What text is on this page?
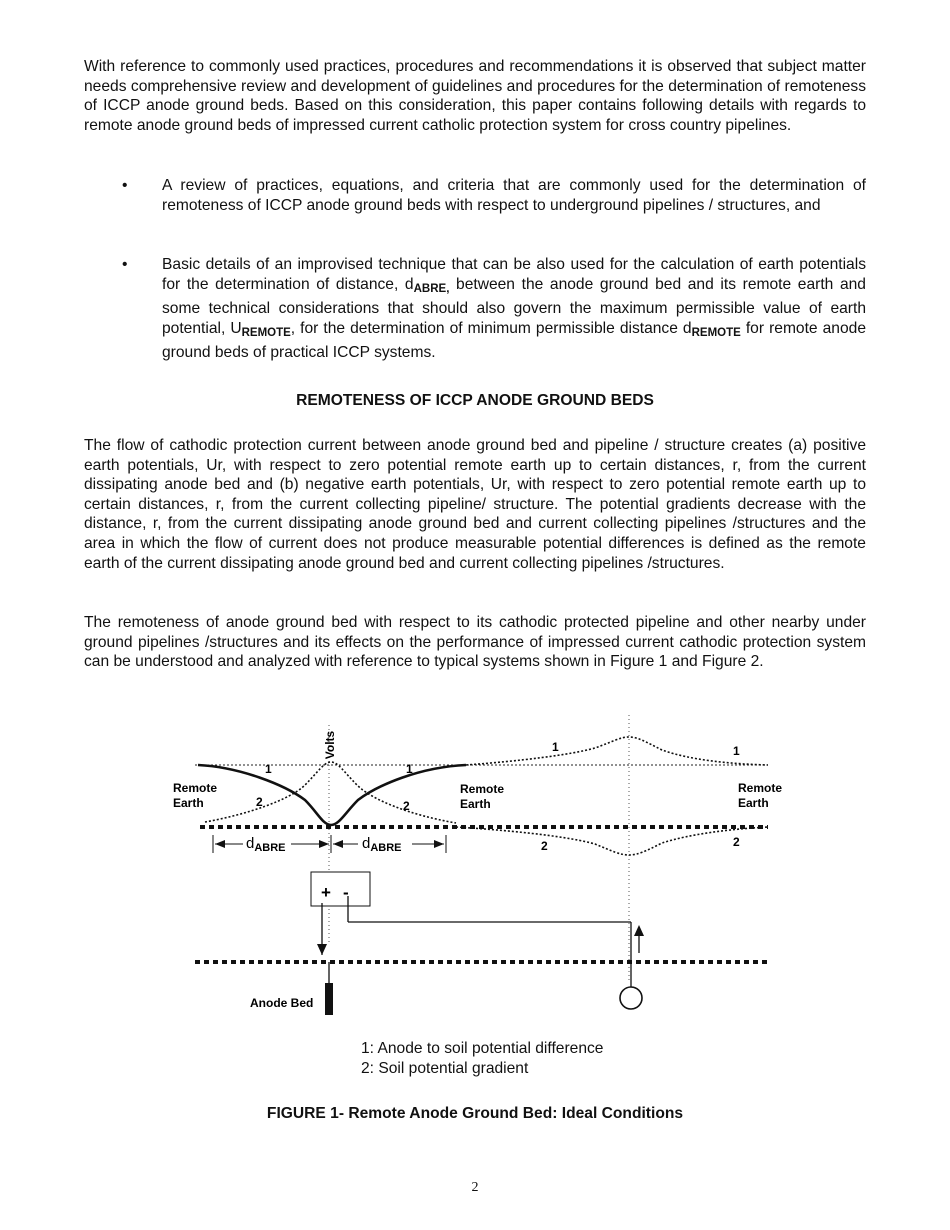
With reference to commonly used practices, procedures and recommendations it is observed that subject matter needs comprehensive review and development of guidelines and procedures for the determination of remoteness of ICCP anode ground beds. Based on this consideration, this paper contains following details with regards to remote anode ground beds of impressed current catholic protection system for cross country pipelines.

• A review of practices, equations, and criteria that are commonly used for the determination of remoteness of ICCP anode ground beds with respect to underground pipelines / structures, and
• Basic details of an improvised technique that can be also used for the calculation of earth potentials for the determination of distance, $d_{ABRE,}$ between the anode ground bed and its remote earth and some technical considerations that should also govern the maximum permissible value of earth potential, $U_{REMOTE}$, for the determination of minimum permissible distance $d_{REMOTE}$ for remote anode ground beds of practical ICCP systems.

REMOTENESS OF ICCP ANODE GROUND BEDS

The flow of cathodic protection current between anode ground bed and pipeline / structure creates (a) positive earth potentials, Ur, with respect to zero potential remote earth up to certain distances, r, from the current dissipating anode bed and (b) negative earth potentials, Ur, with respect to zero potential remote earth up to certain distances, r, from the current collecting pipeline/ structure. The potential gradients decrease with the distance, r, from the current dissipating anode ground bed and current collecting pipelines /structures and the area in which the flow of current does not produce measurable potential differences is defined as the remote earth of the current dissipating anode ground bed and current collecting pipelines /structures.

The remoteness of anode ground bed with respect to its cathodic protected pipeline and other nearby under ground pipelines /structures and its effects on the performance of impressed current cathodic protection system can be understood and analyzed with reference to typical systems shown in Figure 1 and Figure 2.

Volts
1	1
1	1
2	2
2	2
Remote
Earth
Remote
Earth
Remote
Earth
$d_{ABRE}$	$d_{ABRE}$
+ -
Anode Bed
1: Anode to soil potential difference
2: Soil potential gradient
FIGURE 1- Remote Anode Ground Bed: Ideal Conditions
2
